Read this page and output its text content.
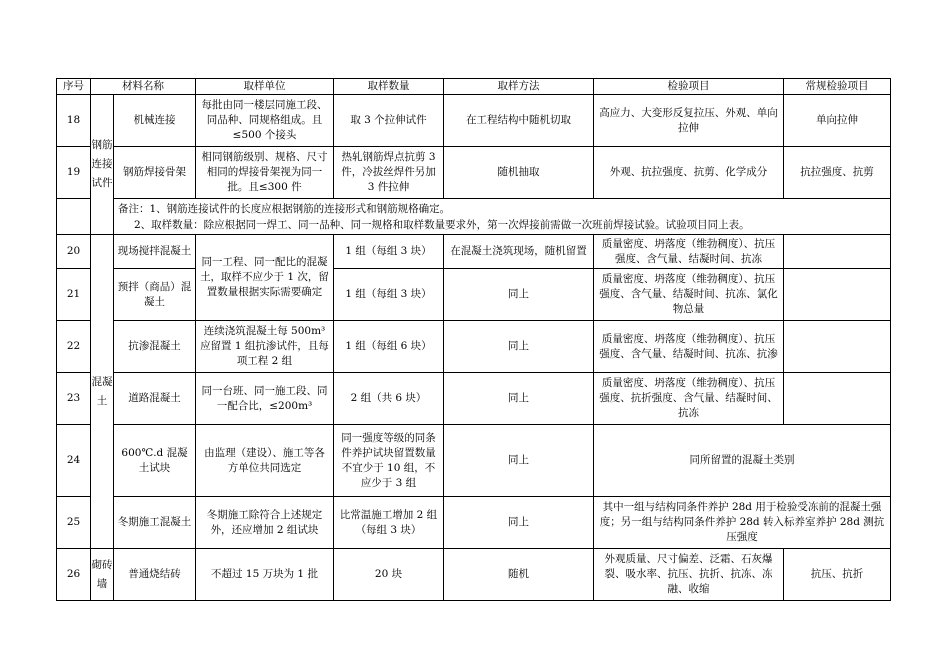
序号	材料名称		取样单位	取样数量	取样方法	检验项目	常规检验项目
18	钢筋连接试件	机械连接	每批由同一楼层同施工段、同品种、同规格组成。且≤500 个接头	取 3 个拉伸试件	在工程结构中随机切取	高应力、大变形反复拉压、外观、单向拉伸	单向拉伸
19		钢筋焊接骨架	相同钢筋级别、规格、尺寸相同的焊接骨架视为同一批。且≤300 件	热轧钢筋焊点抗剪 3 件，冷拔丝焊件另加 3 件拉伸	随机抽取	外观、抗拉强度、抗剪、化学成分	抗拉强度、抗剪

		备注：1、钢筋连接试件的长度应根据钢筋的连接形式和钢筋规格确定。
2、取样数量：除应根据同一焊工、同一品种、同一规格和取样数量要求外，第一次焊接前需做一次班前焊接试验。试验项目同上表。					

20	混凝土	现场搅拌混凝土	同一工程、同一配比的混凝土，取样不应少于 1 次，留置数量根据实际需要确定	1 组（每组 3 块）	在混凝土浇筑现场，随机留置	质量密度、坍落度（维勃稠度）、抗压强度、含气量、结凝时间、抗冻	
21		预拌（商品）混凝土		1 组（每组 3 块）	同上	质量密度、坍落度（维勃稠度）、抗压强度、含气量、结凝时间、抗冻、氯化物总量	
22		抗渗混凝土	连续浇筑混凝土每 500m³ 应留置 1 组抗渗试件，且每项工程 2 组	1 组（每组 6 块）	同上	质量密度、坍落度（维勃稠度）、抗压强度、含气量、结凝时间、抗冻、抗渗	
23		道路混凝土	同一台班、同一施工段、同一配合比，≤200m³	2 组（共 6 块）	同上	质量密度、坍落度（维勃稠度）、抗压强度、抗折强度、含气量、结凝时间、抗冻	
24		600℃.d 混凝土试块	由监理（建设）、施工等各方单位共同选定	同一强度等级的同条件养护试块留置数量不宜少于 10 组，不应少于 3 组	同上	同所留置的混凝土类别	
25		冬期施工混凝土	冬期施工除符合上述规定外，还应增加 2 组试块	比常温施工增加 2 组（每组 3 块）	同上	其中一组与结构同条件养护 28d 用于检验受冻前的混凝土强度；另一组与结构同条件养护 28d 转入标养室养护 28d 测抗压强度	
26	砌砖墙	普通烧结砖	不超过 15 万块为 1 批	20 块	随机	外观质量、尺寸偏差、泛霜、石灰爆裂、吸水率、抗压、抗折、抗冻、冻融、收缩	抗压、抗折
